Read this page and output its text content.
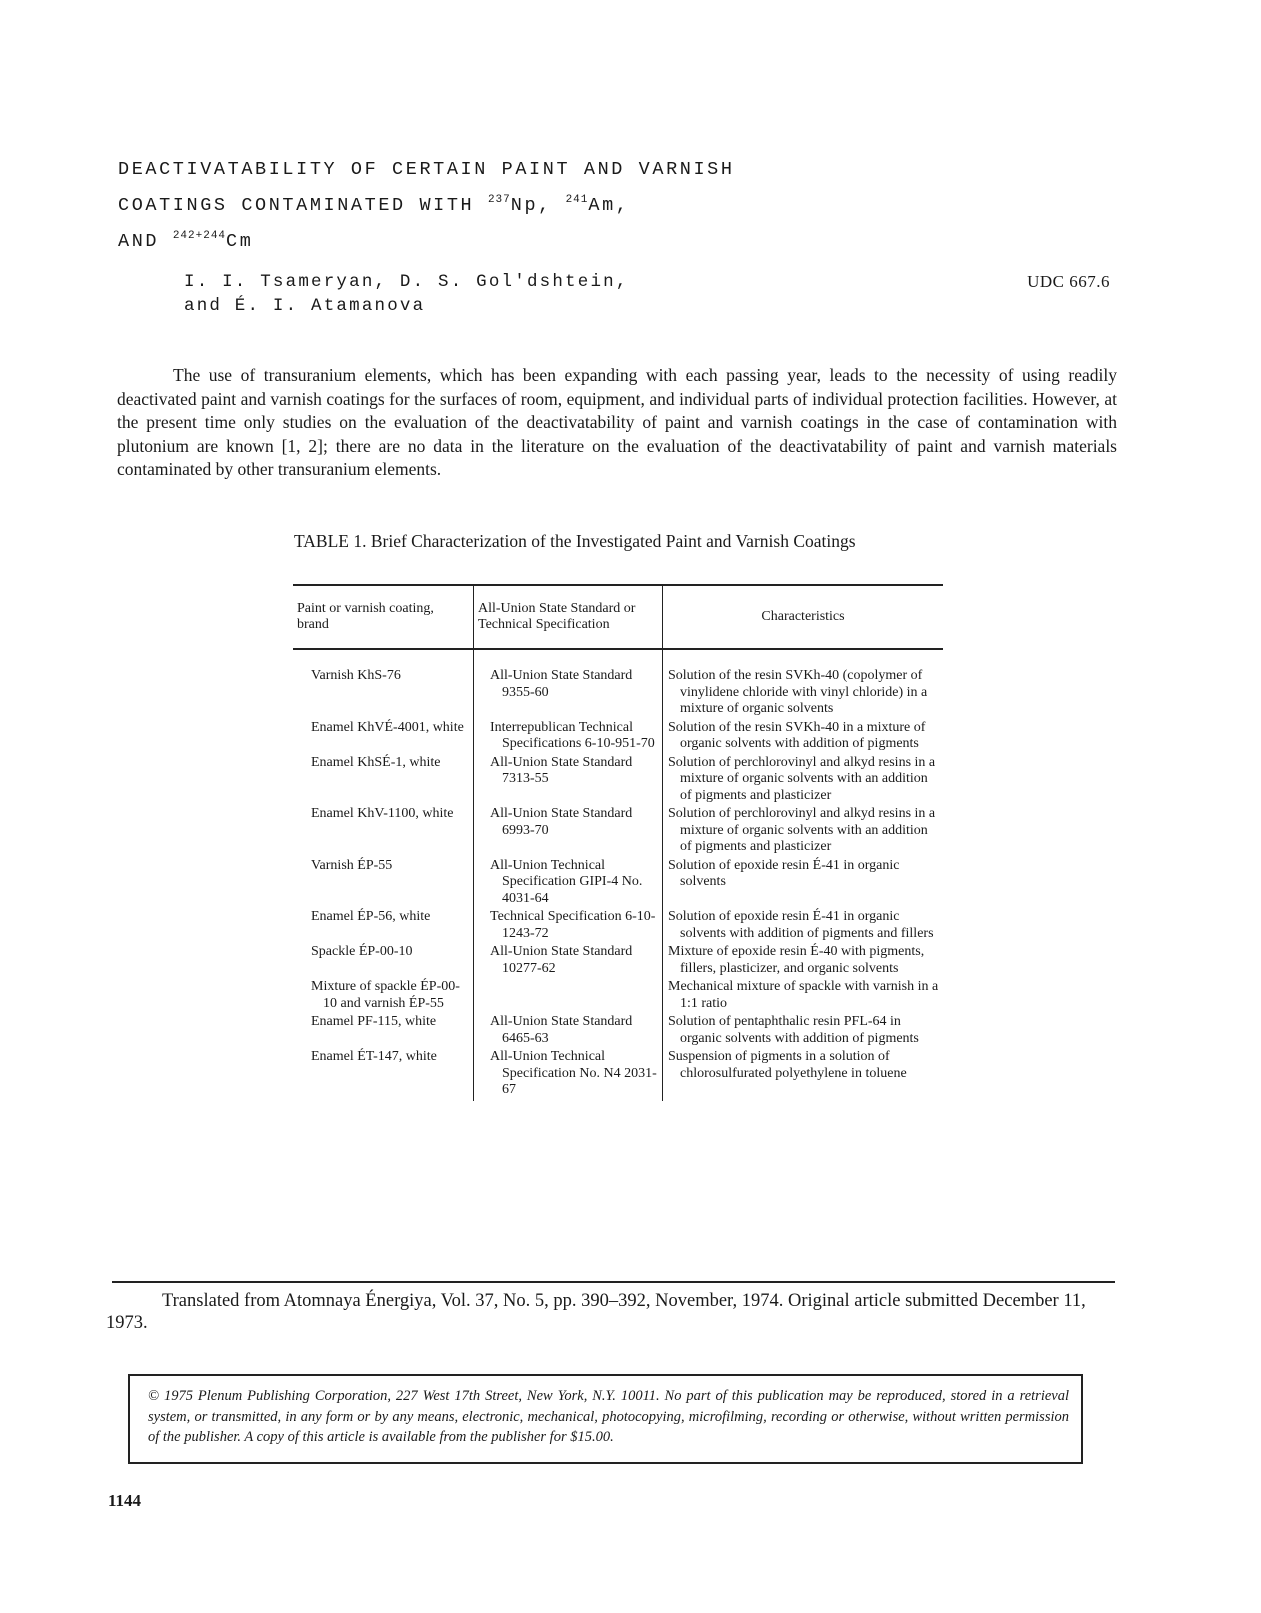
DEACTIVATABILITY OF CERTAIN PAINT AND VARNISH
COATINGS CONTAMINATED WITH $^{237}$Np, $^{241}$Am,
AND $^{242+244}$Cm
I. I. Tsameryan, D. S. Gol'dshtein,
and É. I. Atamanova
UDC 667.6

The use of transuranium elements, which has been expanding with each passing year, leads to the necessity of using readily deactivated paint and varnish coatings for the surfaces of room, equipment, and individual parts of individual protection facilities. However, at the present time only studies on the evaluation of the deactivatability of paint and varnish coatings in the case of contamination with plutonium are known [1, 2]; there are no data in the literature on the evaluation of the deactivatability of paint and varnish materials contaminated by other transuranium elements.

TABLE 1. Brief Characterization of the Investigated Paint and Varnish Coatings
Paint or varnish coating, brand	All-Union State Standard or Technical Specification	Characteristics

Varnish KhS-76	All-Union State Standard 9355-60	Solution of the resin SVKh-40 (copolymer of vinylidene chloride with vinyl chloride) in a mixture of organic solvents

Enamel KhVÉ-4001, white	Interrepublican Technical Specifications 6-10-951-70	Solution of the resin SVKh-40 in a mixture of organic solvents with addition of pigments

Enamel KhSÉ-1, white	All-Union State Standard 7313-55	Solution of perchlorovinyl and alkyd resins in a mixture of organic solvents with an addition of pigments and plasticizer

Enamel KhV-1100, white	All-Union State Standard 6993-70	Solution of perchlorovinyl and alkyd resins in a mixture of organic solvents with an addition of pigments and plasticizer

Varnish ÉP-55	All-Union Technical Specification GIPI-4 No. 4031-64	Solution of epoxide resin É-41 in organic solvents

Enamel ÉP-56, white	Technical Specification 6-10-1243-72	Solution of epoxide resin É-41 in organic solvents with addition of pigments and fillers

Spackle ÉP-00-10	All-Union State Standard 10277-62	Mixture of epoxide resin É-40 with pigments, fillers, plasticizer, and organic solvents

Mixture of spackle ÉP-00-10 and varnish ÉP-55		Mechanical mixture of spackle with varnish in a 1:1 ratio

Enamel PF-115, white	All-Union State Standard 6465-63	Solution of pentaphthalic resin PFL-64 in organic solvents with addition of pigments

Enamel ÉT-147, white	All-Union Technical Specification No. N4 2031-67	Suspension of pigments in a solution of chlorosulfurated polyethylene in toluene
Translated from Atomnaya Énergiya, Vol. 37, No. 5, pp. 390–392, November, 1974. Original article submitted December 11, 1973.
© 1975 Plenum Publishing Corporation, 227 West 17th Street, New York, N.Y. 10011. No part of this publication may be reproduced, stored in a retrieval system, or transmitted, in any form or by any means, electronic, mechanical, photocopying, microfilming, recording or otherwise, without written permission of the publisher. A copy of this article is available from the publisher for $15.00.
1144
